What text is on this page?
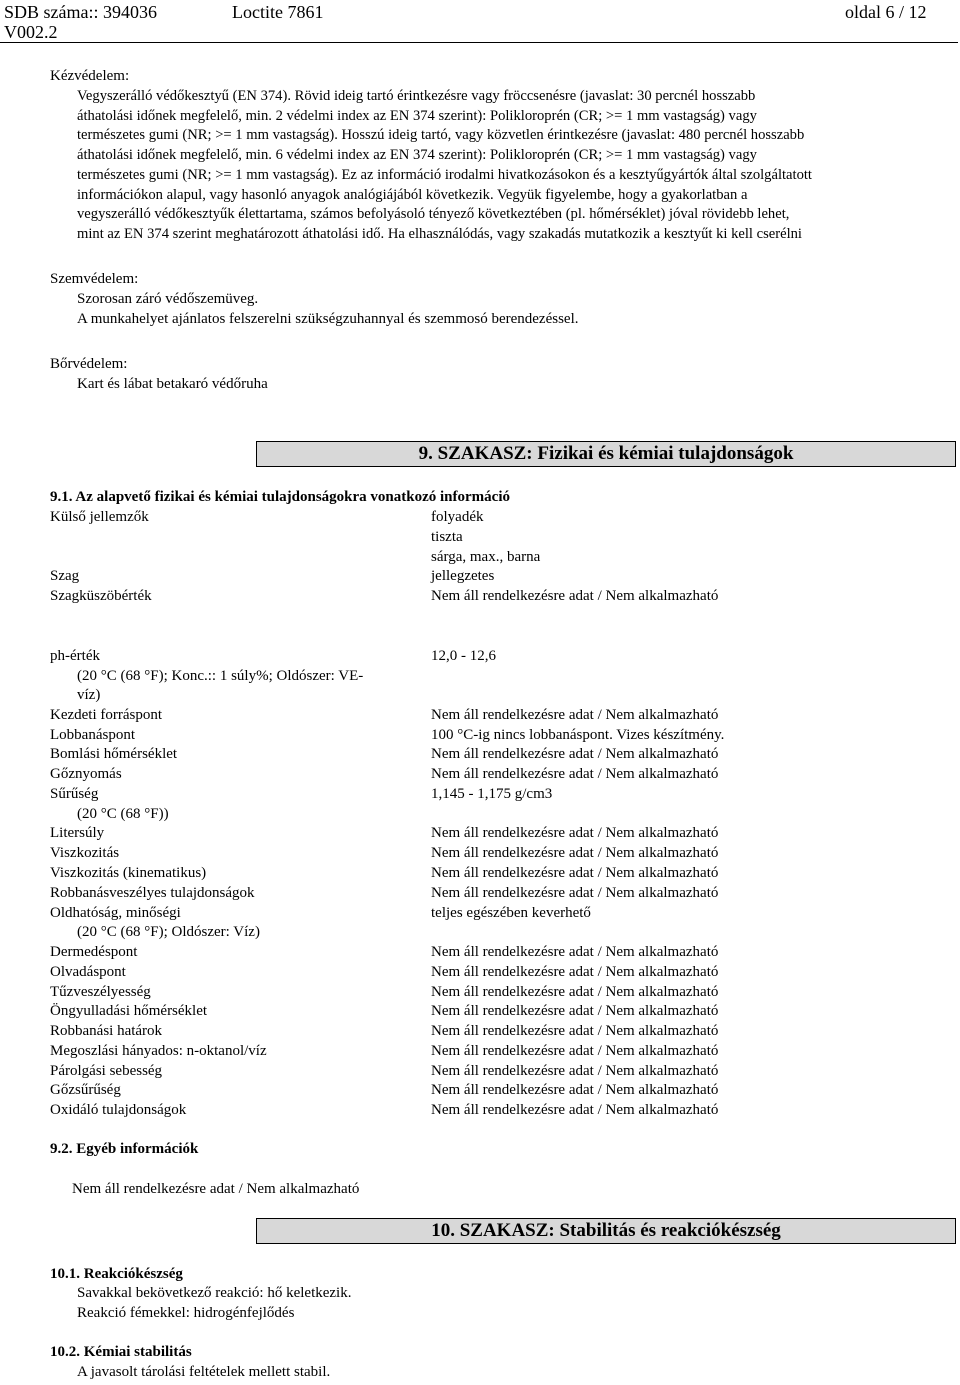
SDB száma:: 394036	Loctite 7861	oldal 6 / 12
V002.2
Kézvédelem:
Vegyszerálló védőkesztyű (EN 374). Rövid ideig tartó érintkezésre vagy fröccsenésre (javaslat: 30 percnél hosszabb
áthatolási időnek megfelelő, min. 2 védelmi index az EN 374 szerint): Polikloroprén (CR; >= 1 mm vastagság) vagy
természetes gumi (NR; >= 1 mm vastagság). Hosszú ideig tartó, vagy közvetlen érintkezésre (javaslat: 480 percnél hosszabb
áthatolási időnek megfelelő, min. 6 védelmi index az EN 374 szerint): Polikloroprén (CR; >= 1 mm vastagság) vagy
természetes gumi (NR; >= 1 mm vastagság). Ez az információ irodalmi hivatkozásokon és a kesztyűgyártók által szolgáltatott
információkon alapul, vagy hasonló anyagok analógiájából következik. Vegyük figyelembe, hogy a gyakorlatban a
vegyszerálló védőkesztyűk élettartama, számos befolyásoló tényező következtében (pl. hőmérséklet) jóval rövidebb lehet,
mint az EN 374 szerint meghatározott áthatolási idő. Ha elhasználódás, vagy szakadás mutatkozik a kesztyűt ki kell cserélni
Szemvédelem:
Szorosan záró védőszemüveg.
A munkahelyet ajánlatos felszerelni szükségzuhannyal és szemmosó berendezéssel.
Bőrvédelem:
Kart és lábat betakaró védőruha
9. SZAKASZ: Fizikai és kémiai tulajdonságok
9.1. Az alapvető fizikai és kémiai tulajdonságokra vonatkozó információ
Külső jellemzők	folyadék
tiszta
sárga, max., barna
Szag	jellegzetes
Szagküszöbérték	Nem áll rendelkezésre adat / Nem alkalmazható
ph-érték	12,0 - 12,6
(20 °C (68 °F); Konc.:: 1 súly%; Oldószer: VE-
víz)
Kezdeti forráspont	Nem áll rendelkezésre adat / Nem alkalmazható
Lobbanáspont	100 °C-ig nincs lobbanáspont. Vizes készítmény.
Bomlási hőmérséklet	Nem áll rendelkezésre adat / Nem alkalmazható
Gőznyomás	Nem áll rendelkezésre adat / Nem alkalmazható
Sűrűség	1,145 - 1,175 g/cm3
(20 °C (68 °F))
Litersúly	Nem áll rendelkezésre adat / Nem alkalmazható
Viszkozitás	Nem áll rendelkezésre adat / Nem alkalmazható
Viszkozitás (kinematikus)	Nem áll rendelkezésre adat / Nem alkalmazható
Robbanásveszélyes tulajdonságok	Nem áll rendelkezésre adat / Nem alkalmazható
Oldhatóság, minőségi	teljes egészében keverhető
(20 °C (68 °F); Oldószer: Víz)
Dermedéspont	Nem áll rendelkezésre adat / Nem alkalmazható
Olvadáspont	Nem áll rendelkezésre adat / Nem alkalmazható
Tűzveszélyesség	Nem áll rendelkezésre adat / Nem alkalmazható
Öngyulladási hőmérséklet	Nem áll rendelkezésre adat / Nem alkalmazható
Robbanási határok	Nem áll rendelkezésre adat / Nem alkalmazható
Megoszlási hányados: n-oktanol/víz	Nem áll rendelkezésre adat / Nem alkalmazható
Párolgási sebesség	Nem áll rendelkezésre adat / Nem alkalmazható
Gőzsűrűség	Nem áll rendelkezésre adat / Nem alkalmazható
Oxidáló tulajdonságok	Nem áll rendelkezésre adat / Nem alkalmazható
9.2. Egyéb információk
Nem áll rendelkezésre adat / Nem alkalmazható
10. SZAKASZ: Stabilitás és reakciókészség
10.1. Reakciókészség
Savakkal bekövetkező reakció: hő keletkezik.
Reakció fémekkel: hidrogénfejlődés
10.2. Kémiai stabilitás
A javasolt tárolási feltételek mellett stabil.
